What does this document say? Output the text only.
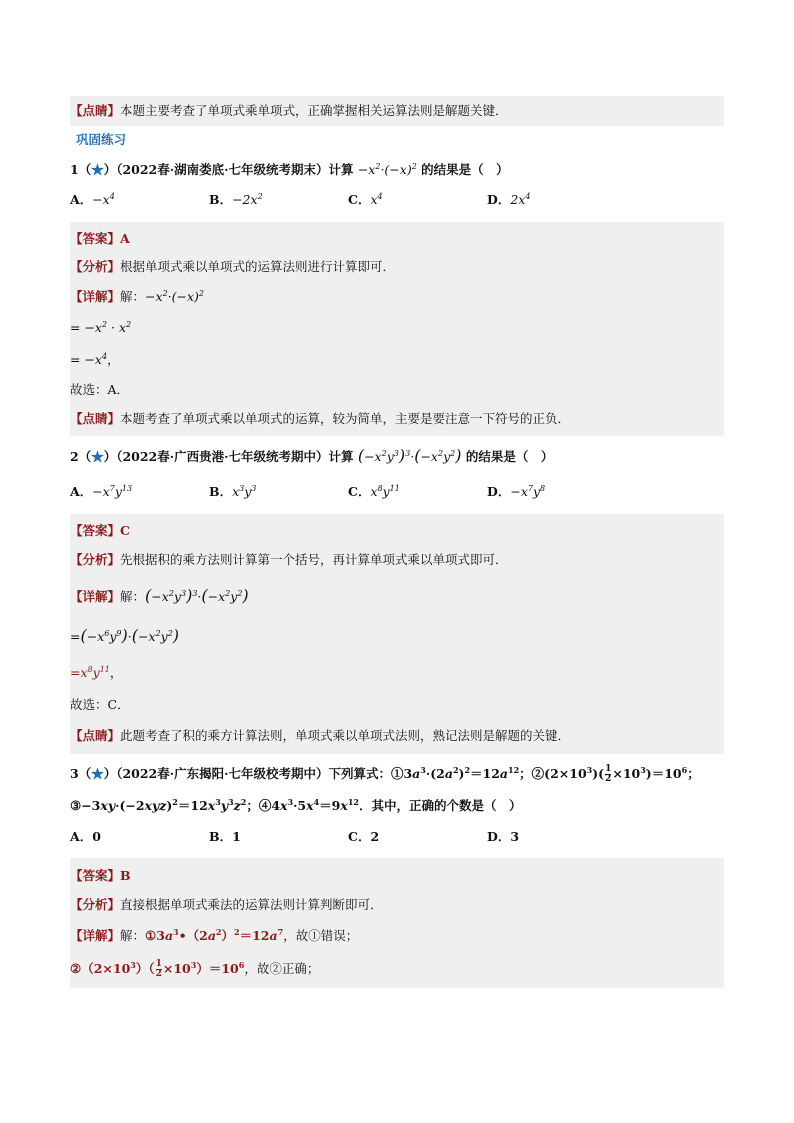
【点睛】本题主要考查了单项式乘单项式，正确掌握相关运算法则是解题关键．
巩固练习
1（★）（2022春·湖南娄底·七年级统考期末）计算 $-x^2\cdot(-x)^2$ 的结果是（　）
A．$-x^4$	B．$-2x^2$	C．$x^4$	D．$2x^4$
【答案】A
【分析】根据单项式乘以单项式的运算法则进行计算即可．
【详解】解：$-x^2\cdot(-x)^2$
= $-x^2 \cdot x^2$
= $-x^4$，
故选：A．
【点睛】本题考查了单项式乘以单项式的运算，较为简单，主要是要注意一下符号的正负．
2（★）（2022春·广西贵港·七年级统考期中）计算 $(-x^2y^3)^3\cdot(-x^2y^2)$ 的结果是（　）
A．$-x^7y^{13}$	B．$x^3y^3$	C．$x^8y^{11}$	D．$-x^7y^8$
【答案】C
【分析】先根据积的乘方法则计算第一个括号，再计算单项式乘以单项式即可．
【详解】解：$(-x^2y^3)^3\cdot(-x^2y^2)$
$=(-x^6y^9)\cdot(-x^2y^2)$
$=x^8y^{11}$，
故选：C．
【点睛】此题考查了积的乘方计算法则，单项式乘以单项式法则，熟记法则是解题的关键．
3（★）（2022春·广东揭阳·七年级校考期中）下列算式：$①3a^3\cdot(2a^2)^2=12a^{12}$；$②(2\times 10^3)( \frac{1}{2} \times 10^3)=10^6$；
$③-3xy\cdot(-2xyz)^2=12x^3y^3z^2$；$④4x^3\cdot 5x^4=9x^{12}$．其中，正确的个数是（　）
A．0	B．1	C．2	D．3
【答案】B
【分析】直接根据单项式乘法的运算法则计算判断即可．
【详解】解：$①3a^3•(2a^2)^2=12a^7$，故①错误；
$②(2\times 10^3)( \frac{1}{2} \times 10^3)=10^6$，故②正确；
